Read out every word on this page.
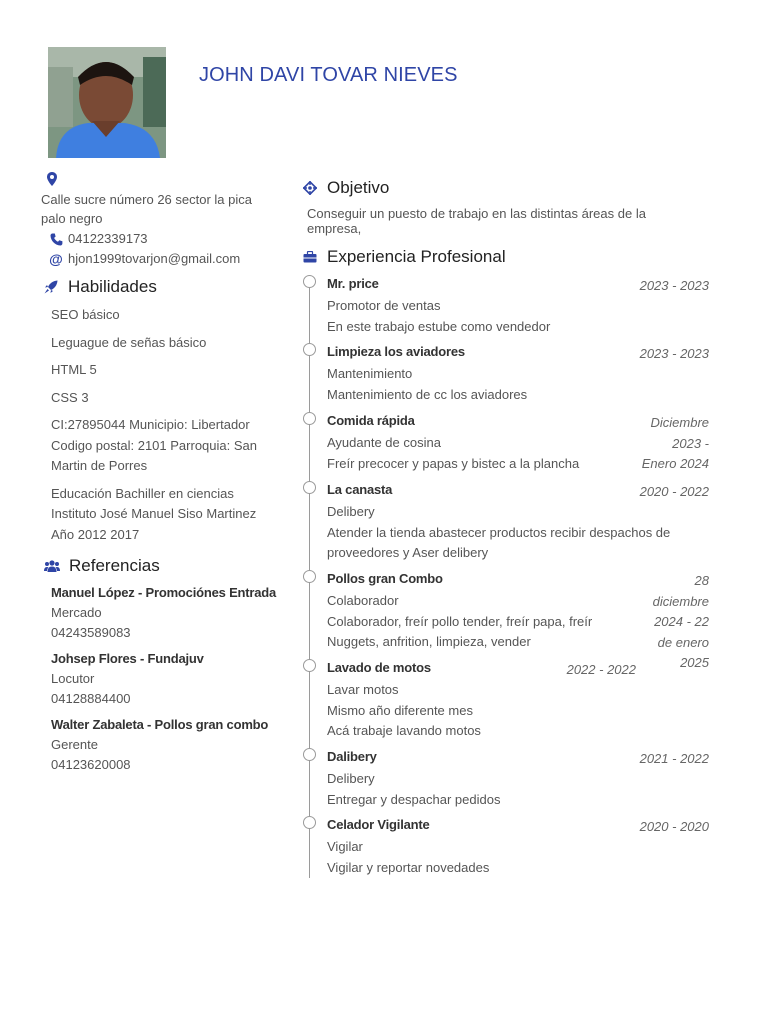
JOHN DAVI TOVAR NIEVES
Calle sucre número 26 sector la pica
palo negro
04122339173
@ hjon1999tovarjon@gmail.com
Habilidades
SEO básico
Leguague de señas básico
HTML 5
CSS 3
CI:27895044 Municipio: Libertador
Codigo postal: 2101 Parroquia: San
Martin de Porres
Educación Bachiller en ciencias
Instituto José Manuel Siso Martinez
Año 2012 2017
Referencias
Manuel López - Promociónes Entrada
Mercado
04243589083
Johsep Flores - Fundajuv
Locutor
04128884400
Walter Zabaleta - Pollos gran combo
Gerente
04123620008
Objetivo
Conseguir un puesto de trabajo en las distintas áreas de la
empresa,
Experiencia Profesional
Mr. price	2023 - 2023
Promotor de ventas
En este trabajo estube como vendedor
Limpieza los aviadores	2023 - 2023
Mantenimiento
Mantenimiento de cc los aviadores
Comida rápida	Diciembre
2023 -
Enero 2024
Ayudante de cosina
Freír precocer y papas y bistec a la plancha
La canasta	2020 - 2022
Delibery
Atender la tienda abastecer productos recibir despachos de
proveedores y Aser delibery
Pollos gran Combo	28
diciembre
2024 - 22
de enero
2025
Colaborador
Colaborador, freír pollo tender, freír papa, freír
Nuggets, anfrition, limpieza, vender
Lavado de motos	2022 - 2022
Lavar motos
Mismo año diferente mes
Acá trabaje lavando motos
Dalibery	2021 - 2022
Delibery
Entregar y despachar pedidos
Celador Vigilante	2020 - 2020
Vigilar
Vigilar y reportar novedades
